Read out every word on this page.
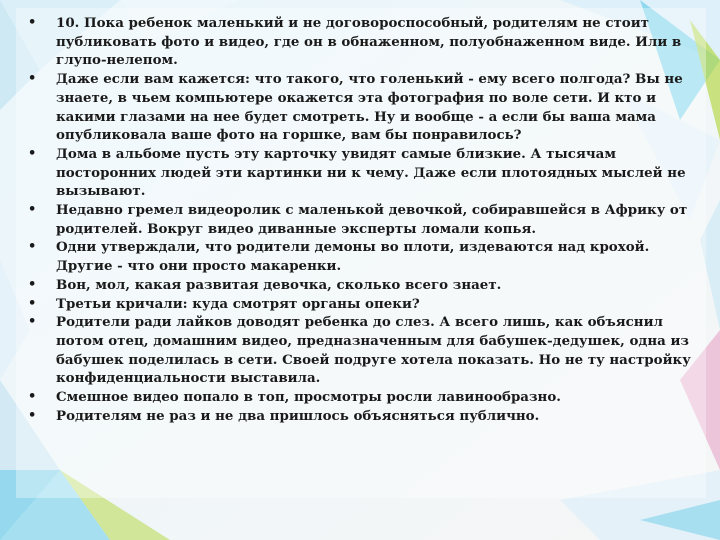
• 10. Пока ребенок маленький и не договороспособный, родителям не стоит публиковать фото и видео, где он в обнаженном, полуобнаженном виде. Или в глупо-нелепом.
• Даже если вам кажется: что такого, что голенький - ему всего полгода? Вы не знаете, в чьем компьютере окажется эта фотография по воле сети. И кто и какими глазами на нее будет смотреть. Ну и вообще - а если бы ваша мама опубликовала ваше фото на горшке, вам бы понравилось?
• Дома в альбоме пусть эту карточку увидят самые близкие. А тысячам посторонних людей эти картинки ни к чему. Даже если плотоядных мыслей не вызывают.
• Недавно гремел видеоролик с маленькой девочкой, собиравшейся в Африку от родителей. Вокруг видео диванные эксперты ломали копья.
• Одни утверждали, что родители демоны во плоти, издеваются над крохой. Другие - что они просто макаренки.
• Вон, мол, какая развитая девочка, сколько всего знает.
• Третьи кричали: куда смотрят органы опеки?
• Родители ради лайков доводят ребенка до слез. А всего лишь, как объяснил потом отец, домашним видео, предназначенным для бабушек-дедушек, одна из бабушек поделилась в сети. Своей подруге хотела показать. Но не ту настройку конфиденциальности выставила.
• Смешное видео попало в топ, просмотры росли лавинообразно.
• Родителям не раз и не два пришлось объясняться публично.
